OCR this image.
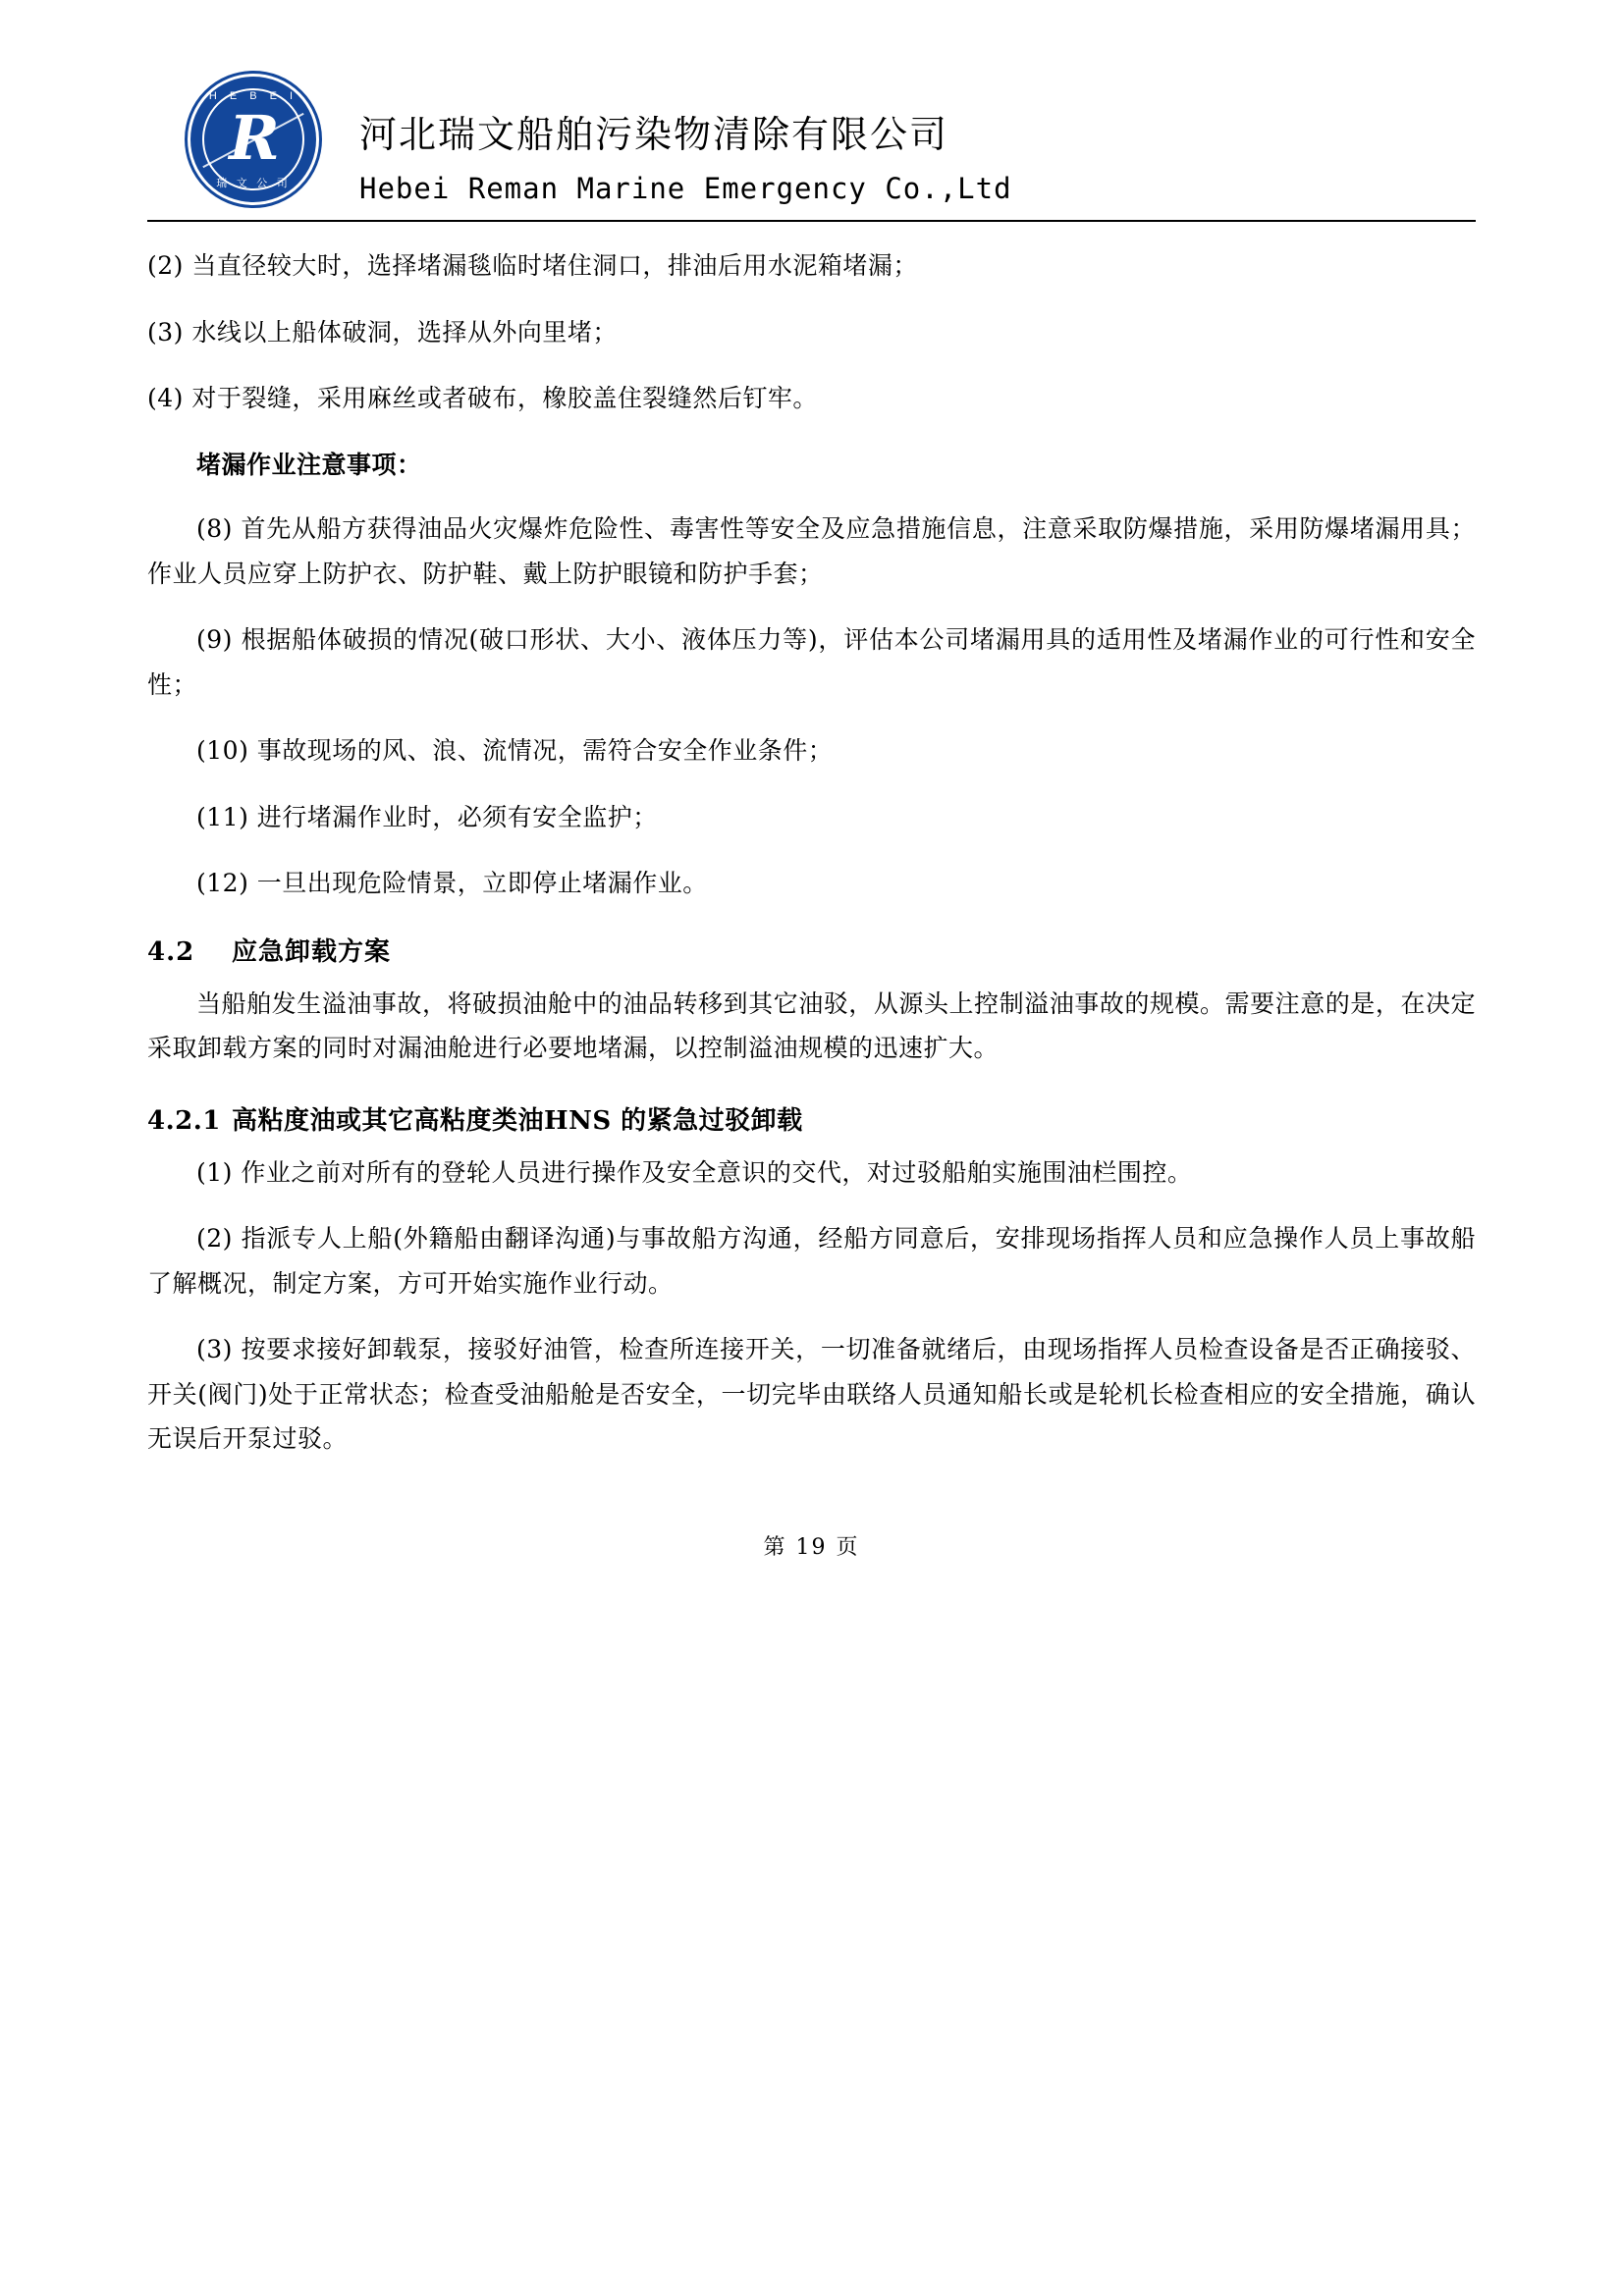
H E B E I
R
瑞 文 公 司
河北瑞文船舶污染物清除有限公司
Hebei Reman Marine Emergency Co.,Ltd

(2) 当直径较大时，选择堵漏毯临时堵住洞口，排油后用水泥箱堵漏；

(3) 水线以上船体破洞，选择从外向里堵；

(4) 对于裂缝，采用麻丝或者破布，橡胶盖住裂缝然后钉牢。

堵漏作业注意事项：

(8) 首先从船方获得油品火灾爆炸危险性、毒害性等安全及应急措施信息，注意采取防爆措施，采用防爆堵漏用具；作业人员应穿上防护衣、防护鞋、戴上防护眼镜和防护手套；

(9) 根据船体破损的情况(破口形状、大小、液体压力等)，评估本公司堵漏用具的适用性及堵漏作业的可行性和安全性；

(10) 事故现场的风、浪、流情况，需符合安全作业条件；

(11) 进行堵漏作业时，必须有安全监护；

(12) 一旦出现危险情景，立即停止堵漏作业。

4.2 应急卸载方案

当船舶发生溢油事故，将破损油舱中的油品转移到其它油驳，从源头上控制溢油事故的规模。需要注意的是，在决定采取卸载方案的同时对漏油舱进行必要地堵漏，以控制溢油规模的迅速扩大。

4.2.1 高粘度油或其它高粘度类油HNS 的紧急过驳卸载

(1) 作业之前对所有的登轮人员进行操作及安全意识的交代，对过驳船舶实施围油栏围控。

(2) 指派专人上船(外籍船由翻译沟通)与事故船方沟通，经船方同意后，安排现场指挥人员和应急操作人员上事故船了解概况，制定方案，方可开始实施作业行动。

(3) 按要求接好卸载泵，接驳好油管，检查所连接开关，一切准备就绪后，由现场指挥人员检查设备是否正确接驳、开关(阀门)处于正常状态；检查受油船舱是否安全，一切完毕由联络人员通知船长或是轮机长检查相应的安全措施，确认无误后开泵过驳。

第 19 页
